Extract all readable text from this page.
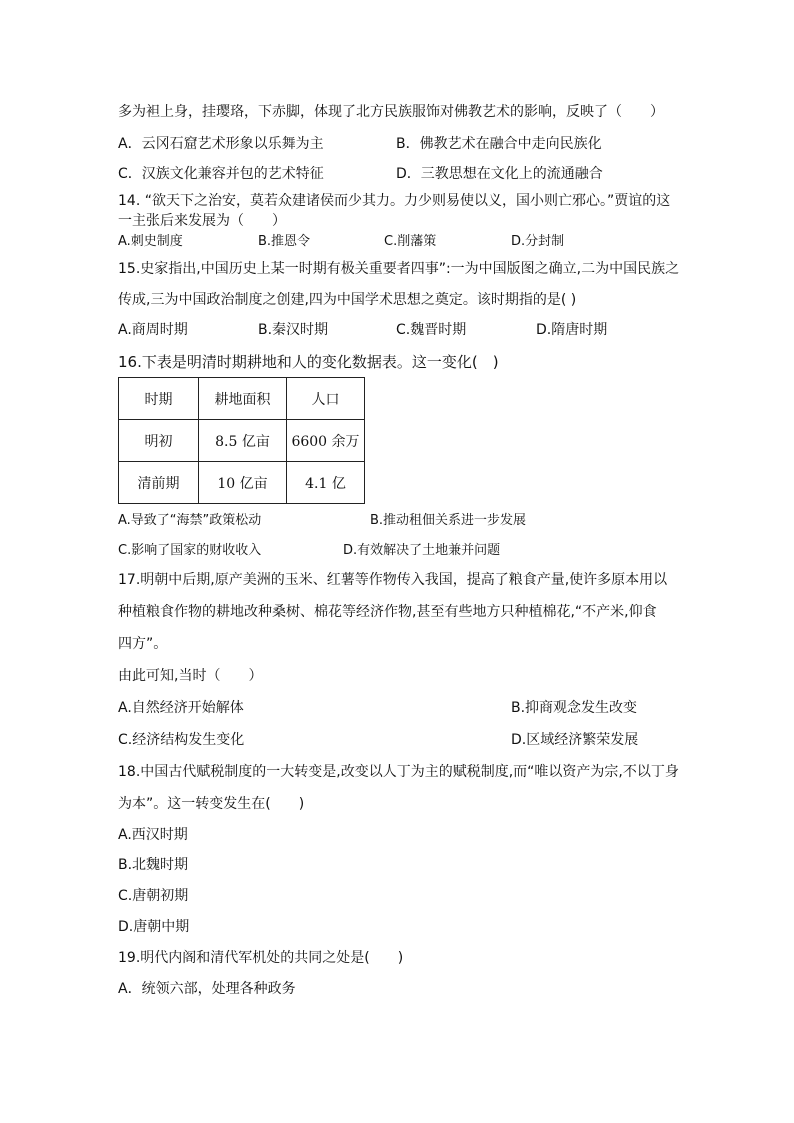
多为袒上身，挂璎珞，下赤脚，体现了北方民族服饰对佛教艺术的影响，反映了（　　）
A．云冈石窟艺术形象以乐舞为主	B．佛教艺术在融合中走向民族化
C．汉族文化兼容并包的艺术特征	D．三教思想在文化上的流通融合
14. “欲天下之治安，莫若众建诸侯而少其力。力少则易使以义，国小则亡邪心。”贾谊的这
一主张后来发展为（　　）
A.刺史制度	B.推恩令	C.削藩策	D.分封制
15.史家指出,中国历史上某一时期有极关重要者四事”:一为中国版图之确立,二为中国民族之
传成,三为中国政治制度之创建,四为中国学术思想之奠定。该时期指的是( )
A.商周时期	B.秦汉时期	C.魏晋时期	D.隋唐时期
16.下表是明清时期耕地和人的变化数据表。这一变化(　)
时期	耕地面积	人口
明初	8.5 亿亩	6600 余万
清前期	10 亿亩	4.1 亿
A.导致了“海禁”政策松动	B.推动租佃关系进一步发展
C.影响了国家的财收收入	D.有效解决了土地兼并问题
17.明朝中后期,原产美洲的玉米、红薯等作物传入我国，提高了粮食产量,使许多原本用以
种植粮食作物的耕地改种桑树、棉花等经济作物,甚至有些地方只种植棉花,“不产米,仰食
四方”。
由此可知,当时（　　）
A.自然经济开始解体	B.抑商观念发生改变
C.经济结构发生变化	D.区域经济繁荣发展
18.中国古代赋税制度的一大转变是,改变以人丁为主的赋税制度,而“唯以资产为宗,不以丁身
为本”。这一转变发生在(　　)
A.西汉时期
B.北魏时期
C.唐朝初期
D.唐朝中期
19.明代内阁和清代军机处的共同之处是(　　)
A．统领六部，处理各种政务
